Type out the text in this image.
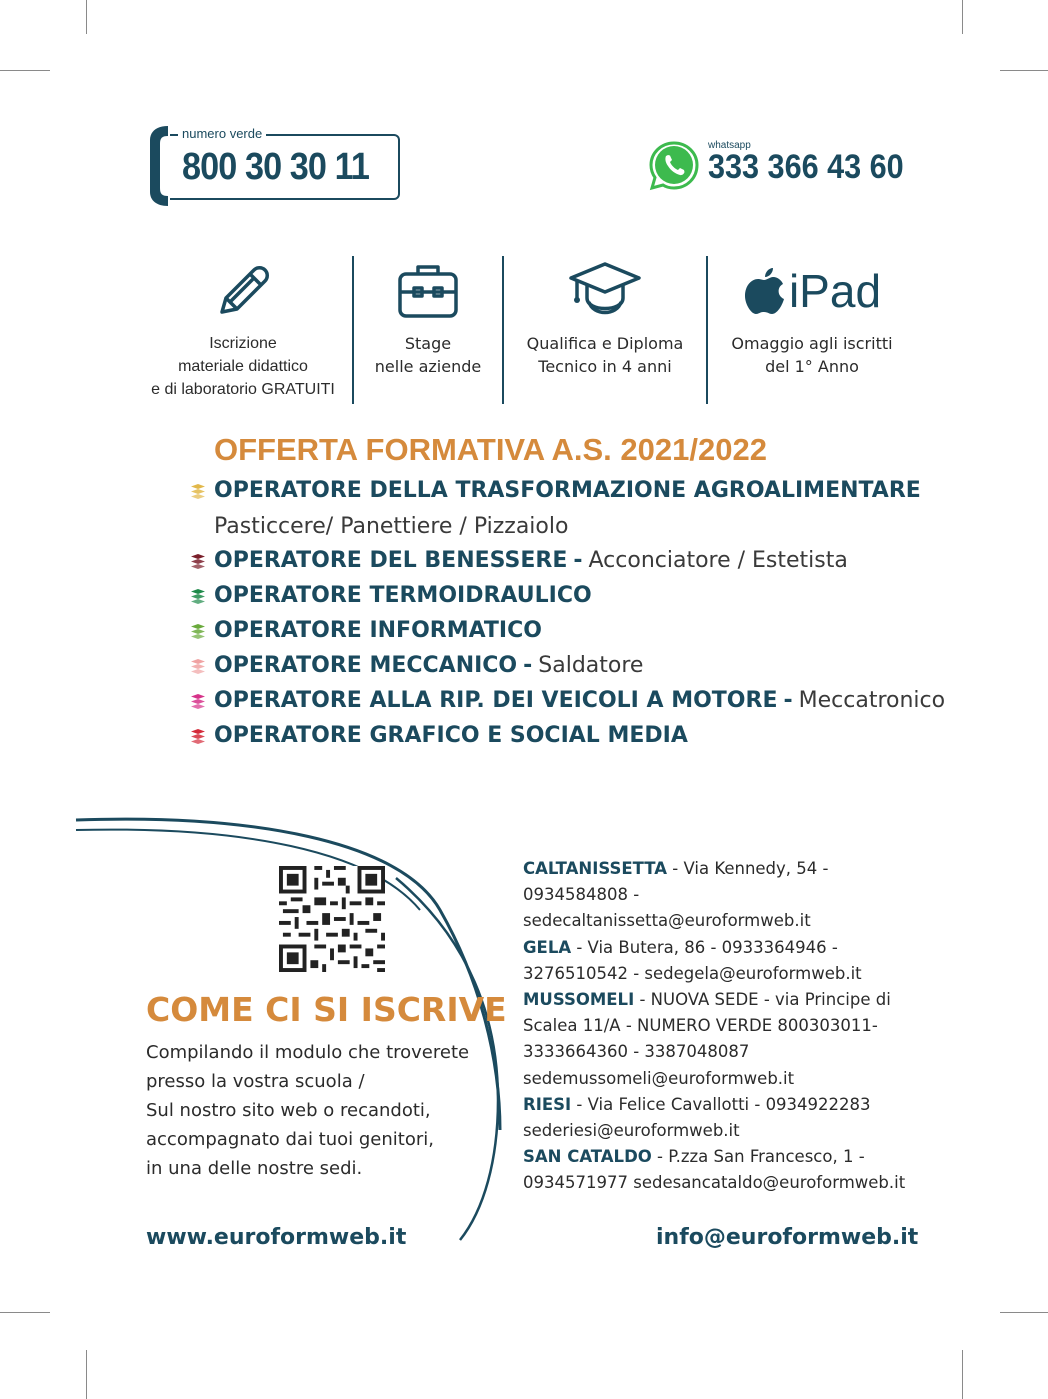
numero verde
800 30 30 11
whatsapp
333 366 43 60
Iscrizione
materiale didattico
e di laboratorio GRATUITI
Stage
nelle aziende
Qualifica e Diploma
Tecnico in 4 anni
iPad
Omaggio agli iscritti
del 1° Anno
OFFERTA FORMATIVA A.S. 2021/2022
OPERATORE DELLA TRASFORMAZIONE AGROALIMENTARE
OPERATORE DEL BENESSERE - Acconciatore / Estetista
OPERATORE TERMOIDRAULICO
OPERATORE INFORMATICO
OPERATORE MECCANICO - Saldatore
OPERATORE ALLA RIP. DEI VEICOLI A MOTORE - Meccatronico
OPERATORE GRAFICO E SOCIAL MEDIA
Pasticcere/ Panettiere / Pizzaiolo
COME CI SI ISCRIVE
Compilando il modulo che troverete
presso la vostra scuola /
Sul nostro sito web o recandoti,
accompagnato dai tuoi genitori,
in una delle nostre sedi.
CALTANISSETTA - Via Kennedy, 54 -
0934584808 -
sedecaltanissetta@euroformweb.it
GELA - Via Butera, 86 - 0933364946 -
3276510542 - sedegela@euroformweb.it
MUSSOMELI - NUOVA SEDE - via Principe di
Scalea 11/A - NUMERO VERDE 800303011-
3333664360 - 3387048087
sedemussomeli@euroformweb.it
RIESI - Via Felice Cavallotti - 0934922283
sederiesi@euroformweb.it
SAN CATALDO - P.zza San Francesco, 1 -
0934571977 sedesancataldo@euroformweb.it
www.euroformweb.it	info@euroformweb.it
